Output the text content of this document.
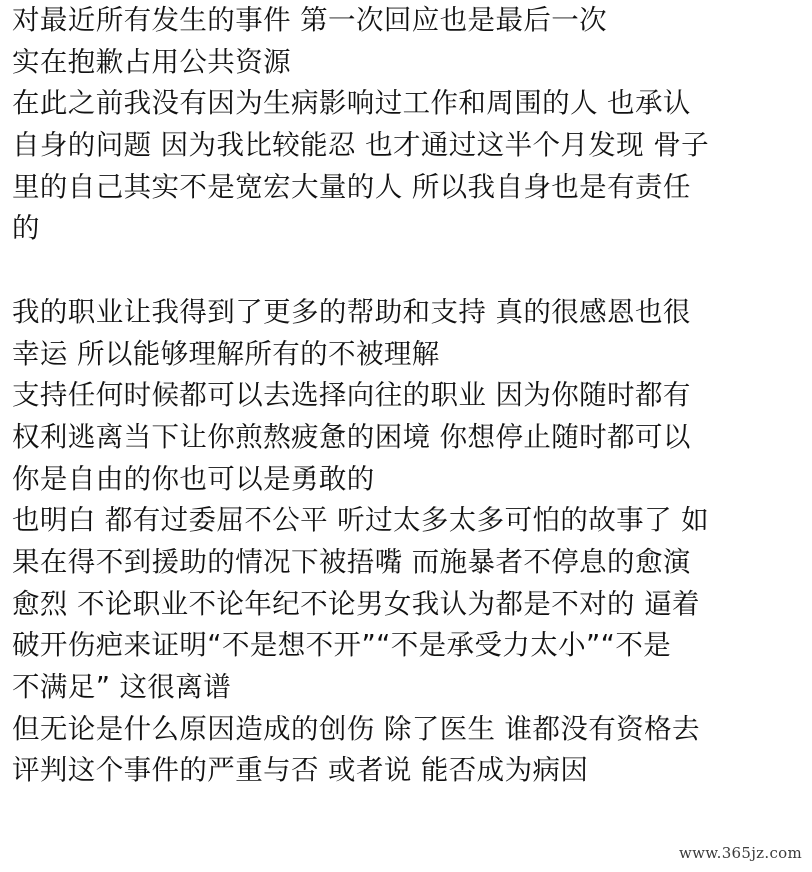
对最近所有发生的事件 第一次回应也是最后一次
实在抱歉占用公共资源
在此之前我没有因为生病影响过工作和周围的人 也承认
自身的问题 因为我比较能忍 也才通过这半个月发现 骨子
里的自己其实不是宽宏大量的人 所以我自身也是有责任
的
我的职业让我得到了更多的帮助和支持 真的很感恩也很
幸运 所以能够理解所有的不被理解
支持任何时候都可以去选择向往的职业 因为你随时都有
权利逃离当下让你煎熬疲惫的困境 你想停止随时都可以
你是自由的你也可以是勇敢的
也明白 都有过委屈不公平 听过太多太多可怕的故事了 如
果在得不到援助的情况下被捂嘴 而施暴者不停息的愈演
愈烈 不论职业不论年纪不论男女我认为都是不对的 逼着
破开伤疤来证明“不是想不开”“不是承受力太小”“不是
不满足” 这很离谱
但无论是什么原因造成的创伤 除了医生 谁都没有资格去
评判这个事件的严重与否 或者说 能否成为病因
www.365jz.com
